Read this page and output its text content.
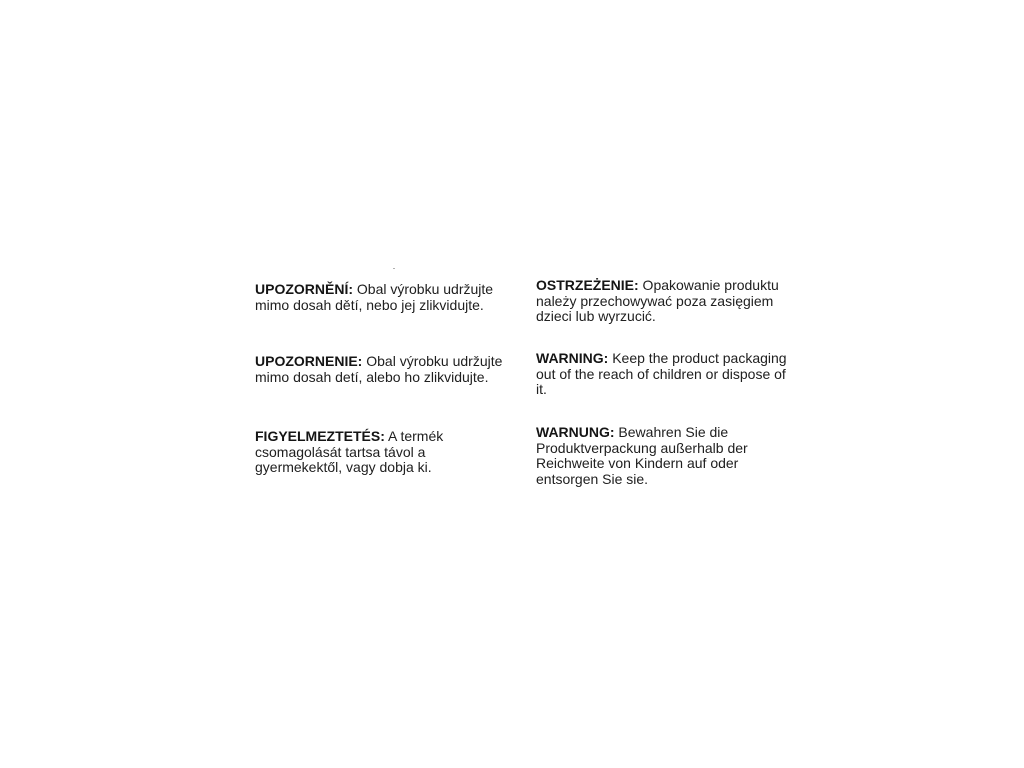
UPOZORNĚNÍ: Obal výrobku udržujte mimo dosah dětí, nebo jej zlikvidujte.

UPOZORNENIE: Obal výrobku udržujte mimo dosah detí, alebo ho zlikvidujte.

FIGYELMEZTETÉS: A termék csomagolását tartsa távol a gyermekektől, vagy dobja ki.

OSTRZEŻENIE: Opakowanie produktu należy przechowywać poza zasięgiem dzieci lub wyrzucić.

WARNING: Keep the product packaging out of the reach of children or dispose of it.

WARNUNG: Bewahren Sie die Produktverpackung außerhalb der Reichweite von Kindern auf oder entsorgen Sie sie.
